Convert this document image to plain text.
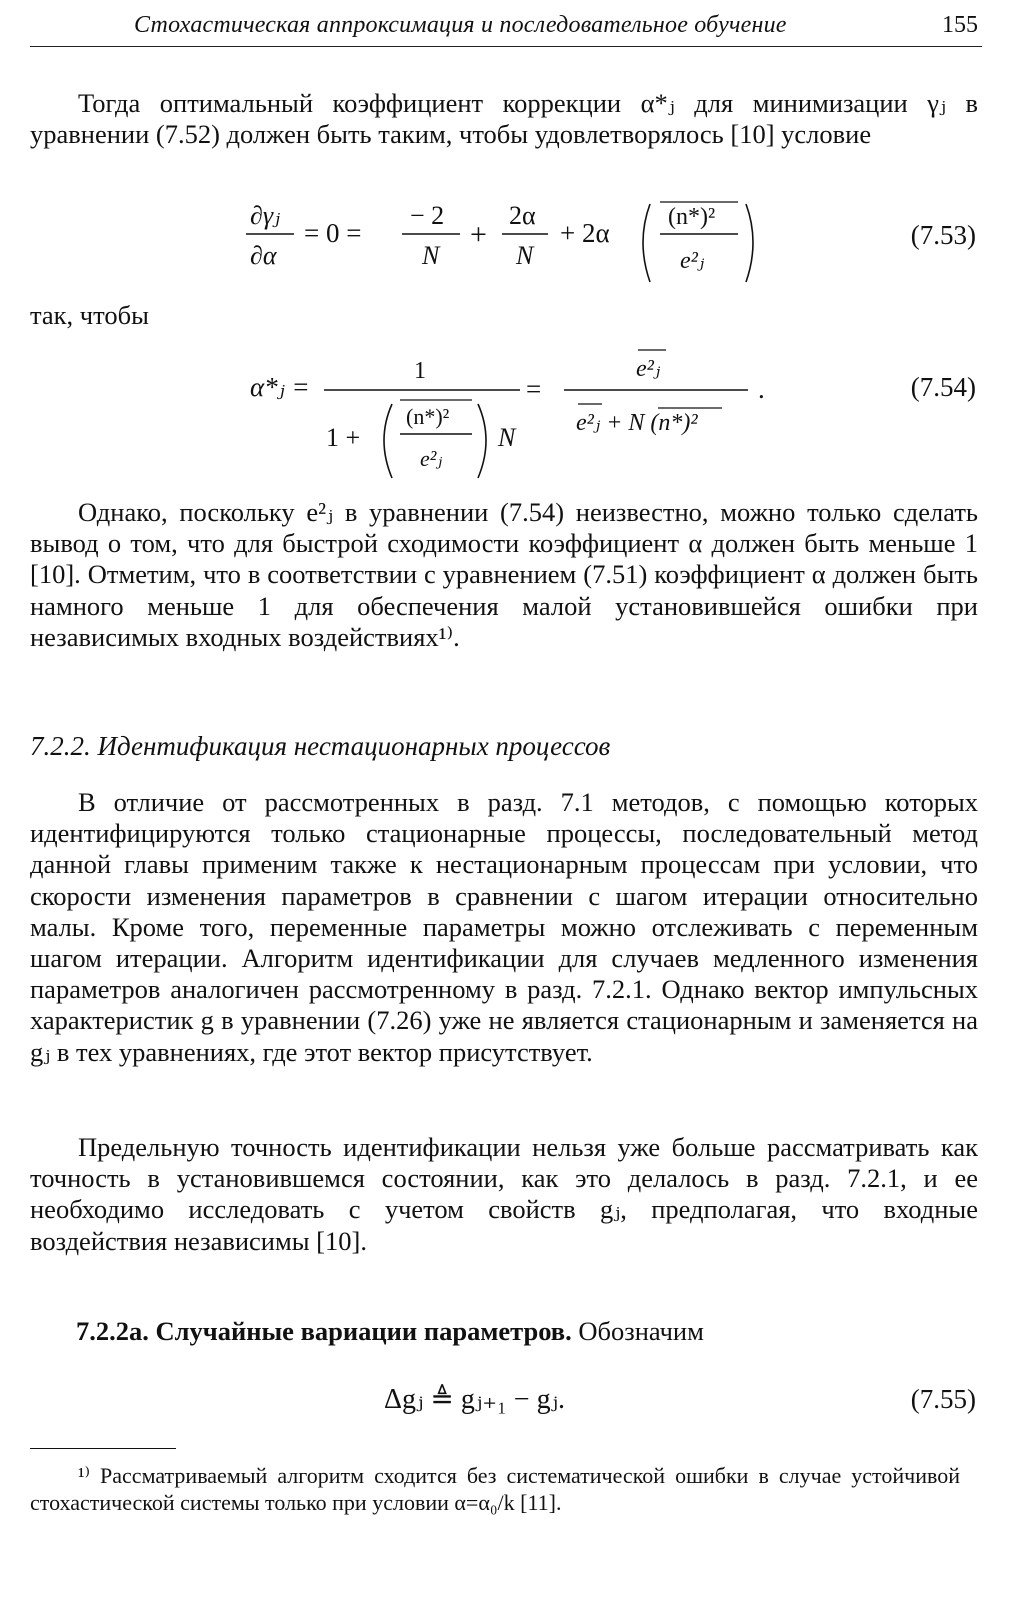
Стохастическая аппроксимация и последовательное обучение	155
Тогда оптимальный коэффициент коррекции α*ⱼ для минимизации γⱼ в уравнении (7.52) должен быть таким, чтобы удовлетворялось [10] условие
∂γⱼ
∂α
= 0 =
− 2
N
+
2α
N
+ 2α
(n*)²
e²ⱼ
(7.53)
так, чтобы
α*ⱼ =
1
1 +
(n*)²
e²ⱼ
N
=
e²ⱼ
e²ⱼ + N (n*)²
.	(7.54)
Однако, поскольку e²ⱼ в уравнении (7.54) неизвестно, можно только сделать вывод о том, что для быстрой сходимости коэффициент α должен быть меньше 1 [10]. Отметим, что в соответствии с уравнением (7.51) коэффициент α должен быть намного меньше 1 для обеспечения малой установившейся ошибки при независимых входных воздействиях¹⁾.
7.2.2. Идентификация нестационарных процессов
В отличие от рассмотренных в разд. 7.1 методов, с помощью которых идентифицируются только стационарные процессы, последовательный метод данной главы применим также к нестационарным процессам при условии, что скорости изменения параметров в сравнении с шагом итерации относительно малы. Кроме того, переменные параметры можно отслеживать с переменным шагом итерации. Алгоритм идентификации для случаев медленного изменения параметров аналогичен рассмотренному в разд. 7.2.1. Однако вектор импульсных характеристик g в уравнении (7.26) уже не является стационарным и заменяется на gⱼ в тех уравнениях, где этот вектор присутствует.
Предельную точность идентификации нельзя уже больше рассматривать как точность в установившемся состоянии, как это делалось в разд. 7.2.1, и ее необходимо исследовать с учетом свойств gⱼ, предполагая, что входные воздействия независимы [10].
7.2.2а. Случайные вариации параметров. Обозначим
Δgⱼ ≜ gⱼ₊₁ − gⱼ.	(7.55)
¹⁾ Рассматриваемый алгоритм сходится без систематической ошибки в случае устойчивой стохастической системы только при условии α=α₀/k [11].
